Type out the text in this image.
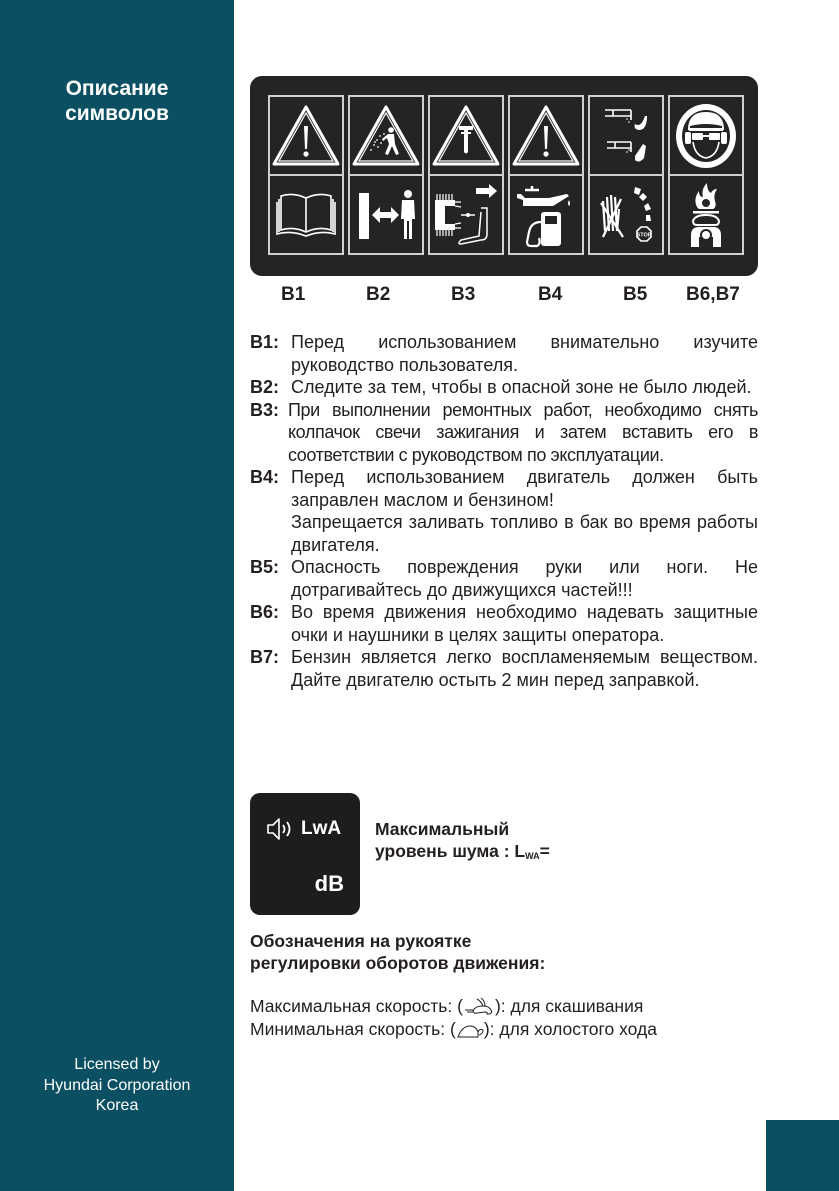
Описание
символов
Licensed by
Hyundai Corporation
Korea
STOP
B1	B2	B3	B4	B5 B6,B7
B1: Перед использованием внимательно изучите руководство пользователя.

B2: Следите за тем, чтобы в опасной зоне не было людей.

B3: При выполнении ремонтных работ, необходимо снять колпачок свечи зажигания и затем вставить его в соответствии с руководством по эксплуатации.

B4: Перед использованием двигатель должен быть заправлен маслом и бензином!

Запрещается заливать топливо в бак во время работы двигателя.

B5: Опасность повреждения руки или ноги. Не дотрагивайтесь до движущихся частей!!!

B6: Во время движения необходимо надевать защитные очки и наушники в целях защиты оператора.

B7: Бензин является легко воспламеняемым веществом. Дайте двигателю остыть 2 мин перед заправкой.

LwA
dB
Максимальный
уровень шума : $L_{WA}=$
Обозначения на рукоятке
регулировки оборотов движения:
Максимальная скорость: ( ): для скашивания
Минимальная скорость: ( ): для холостого хода
